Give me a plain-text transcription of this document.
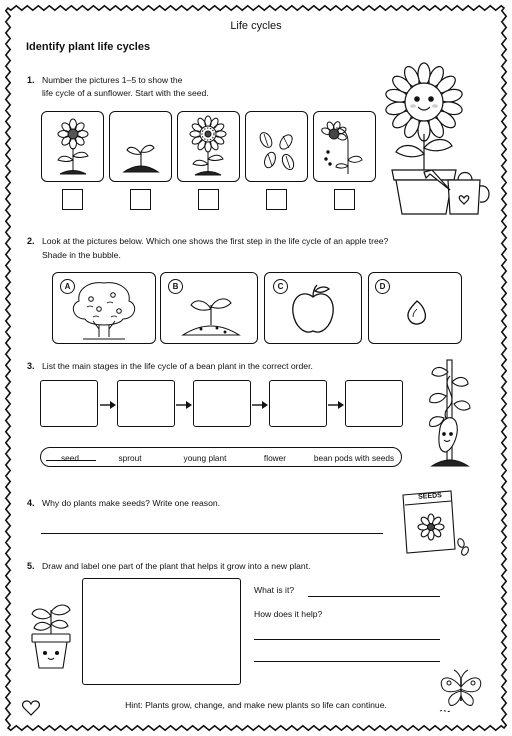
Life cycles
Identify plant life cycles
1. Number the pictures 1–5 to show the
life cycle of a sunflower. Start with the seed.
2. Look at the pictures below. Which one shows the first step in the life cycle of an apple tree?
Shade in the bubble.
A	B	C	D
3. List the main stages in the life cycle of a bean plant in the correct order.
seed	sprout	young plant	flower	bean pods with seeds
4. Why do plants make seeds? Write one reason.
SEEDS
5. Draw and label one part of the plant that helps it grow into a new plant.
What is it?
How does it help?
Hint: Plants grow, change, and make new plants so life can continue.
